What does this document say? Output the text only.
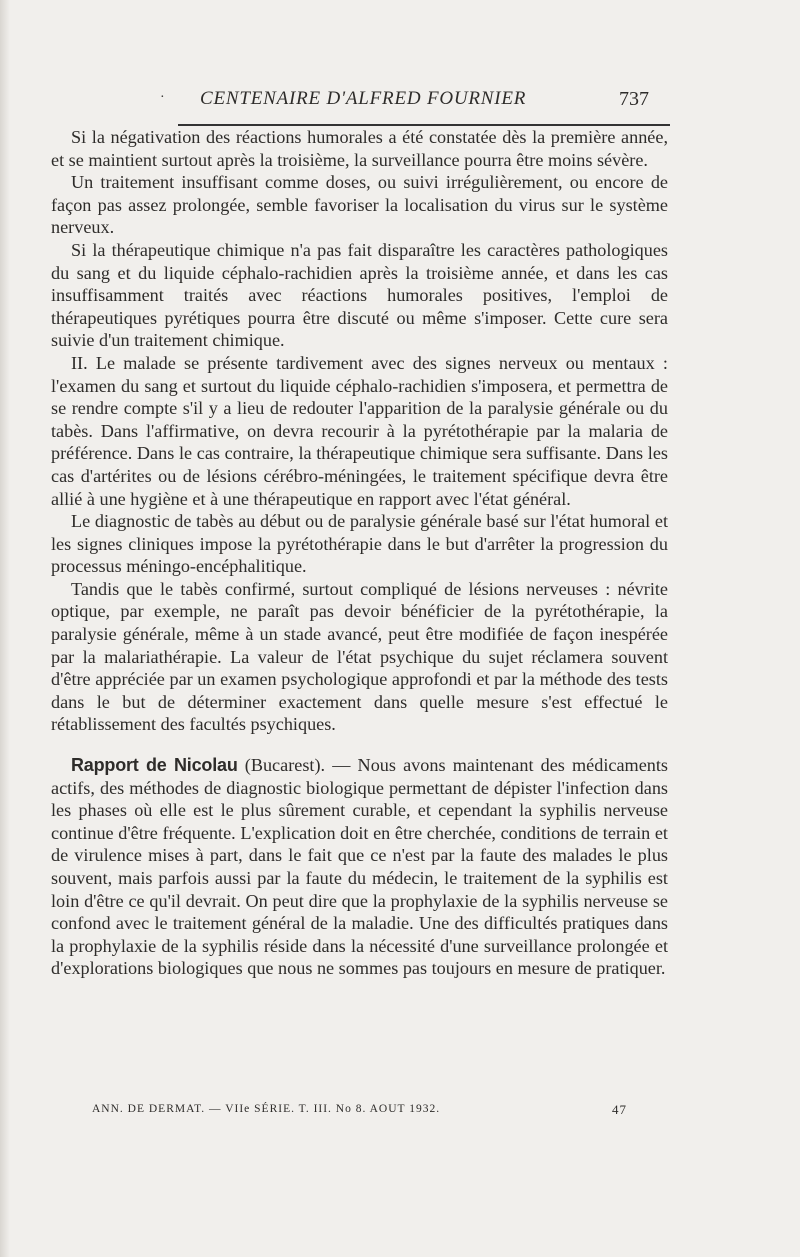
· CENTENAIRE D'ALFRED FOURNIER	737

Si la négativation des réactions humorales a été constatée dès la première année, et se maintient surtout après la troisième, la surveillance pourra être moins sévère.

Un traitement insuffisant comme doses, ou suivi irrégulièrement, ou encore de façon pas assez prolongée, semble favoriser la localisation du virus sur le système nerveux.

Si la thérapeutique chimique n'a pas fait disparaître les caractères pathologiques du sang et du liquide céphalo-rachidien après la troisième année, et dans les cas insuffisamment traités avec réactions humorales positives, l'emploi de thérapeutiques pyrétiques pourra être discuté ou même s'imposer. Cette cure sera suivie d'un traitement chimique.

II. Le malade se présente tardivement avec des signes nerveux ou mentaux : l'examen du sang et surtout du liquide céphalo-rachidien s'imposera, et permettra de se rendre compte s'il y a lieu de redouter l'apparition de la paralysie générale ou du tabès. Dans l'affirmative, on devra recourir à la pyrétothérapie par la malaria de préférence. Dans le cas contraire, la thérapeutique chimique sera suffisante. Dans les cas d'artérites ou de lésions cérébro-méningées, le traitement spécifique devra être allié à une hygiène et à une thérapeutique en rapport avec l'état général.

Le diagnostic de tabès au début ou de paralysie générale basé sur l'état humoral et les signes cliniques impose la pyrétothérapie dans le but d'arrêter la progression du processus méningo-encéphalitique.

Tandis que le tabès confirmé, surtout compliqué de lésions nerveuses : névrite optique, par exemple, ne paraît pas devoir bénéficier de la pyrétothérapie, la paralysie générale, même à un stade avancé, peut être modifiée de façon inespérée par la malariathérapie. La valeur de l'état psychique du sujet réclamera souvent d'être appréciée par un examen psychologique approfondi et par la méthode des tests dans le but de déterminer exactement dans quelle mesure s'est effectué le rétablissement des facultés psychiques.

Rapport de Nicolau (Bucarest). — Nous avons maintenant des médicaments actifs, des méthodes de diagnostic biologique permettant de dépister l'infection dans les phases où elle est le plus sûrement curable, et cependant la syphilis nerveuse continue d'être fréquente. L'explication doit en être cherchée, conditions de terrain et de virulence mises à part, dans le fait que ce n'est par la faute des malades le plus souvent, mais parfois aussi par la faute du médecin, le traitement de la syphilis est loin d'être ce qu'il devrait. On peut dire que la prophylaxie de la syphilis nerveuse se confond avec le traitement général de la maladie. Une des difficultés pratiques dans la prophylaxie de la syphilis réside dans la nécessité d'une surveillance prolongée et d'explorations biologiques que nous ne sommes pas toujours en mesure de pratiquer.

ANN. DE DERMAT. — VIIe SÉRIE. T. III. No 8. AOUT 1932.	47
